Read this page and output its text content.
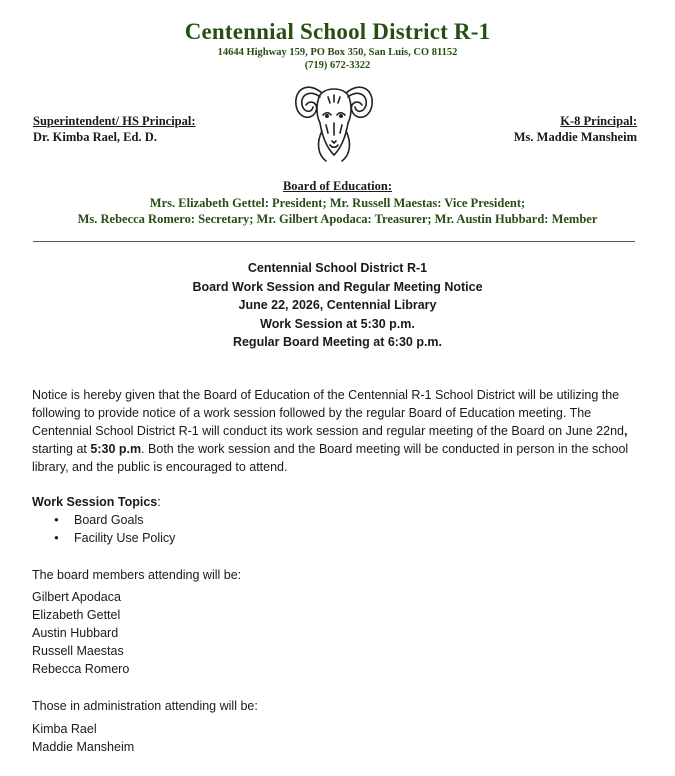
Centennial School District R-1
14644 Highway 159, PO Box 350, San Luis, CO 81152
(719) 672-3322
Superintendent/ HS Principal:
Dr. Kimba Rael, Ed. D.
K-8 Principal:
Ms. Maddie Mansheim
Board of Education:
Mrs. Elizabeth Gettel: President; Mr. Russell Maestas: Vice President;
Ms. Rebecca Romero: Secretary; Mr. Gilbert Apodaca: Treasurer; Mr. Austin Hubbard: Member
Centennial School District R-1
Board Work Session and Regular Meeting Notice
June 22, 2026, Centennial Library
Work Session at 5:30 p.m.
Regular Board Meeting at 6:30 p.m.
Notice is hereby given that the Board of Education of the Centennial R-1 School District will be utilizing the following to provide notice of a work session followed by the regular Board of Education meeting. The Centennial School District R-1 will conduct its work session and regular meeting of the Board on June 22nd, starting at 5:30 p.m. Both the work session and the Board meeting will be conducted in person in the school library, and the public is encouraged to attend.
Work Session Topics:
● Board Goals
● Facility Use Policy
The board members attending will be:
Gilbert Apodaca
Elizabeth Gettel
Austin Hubbard
Russell Maestas
Rebecca Romero
Those in administration attending will be:
Kimba Rael
Maddie Mansheim
